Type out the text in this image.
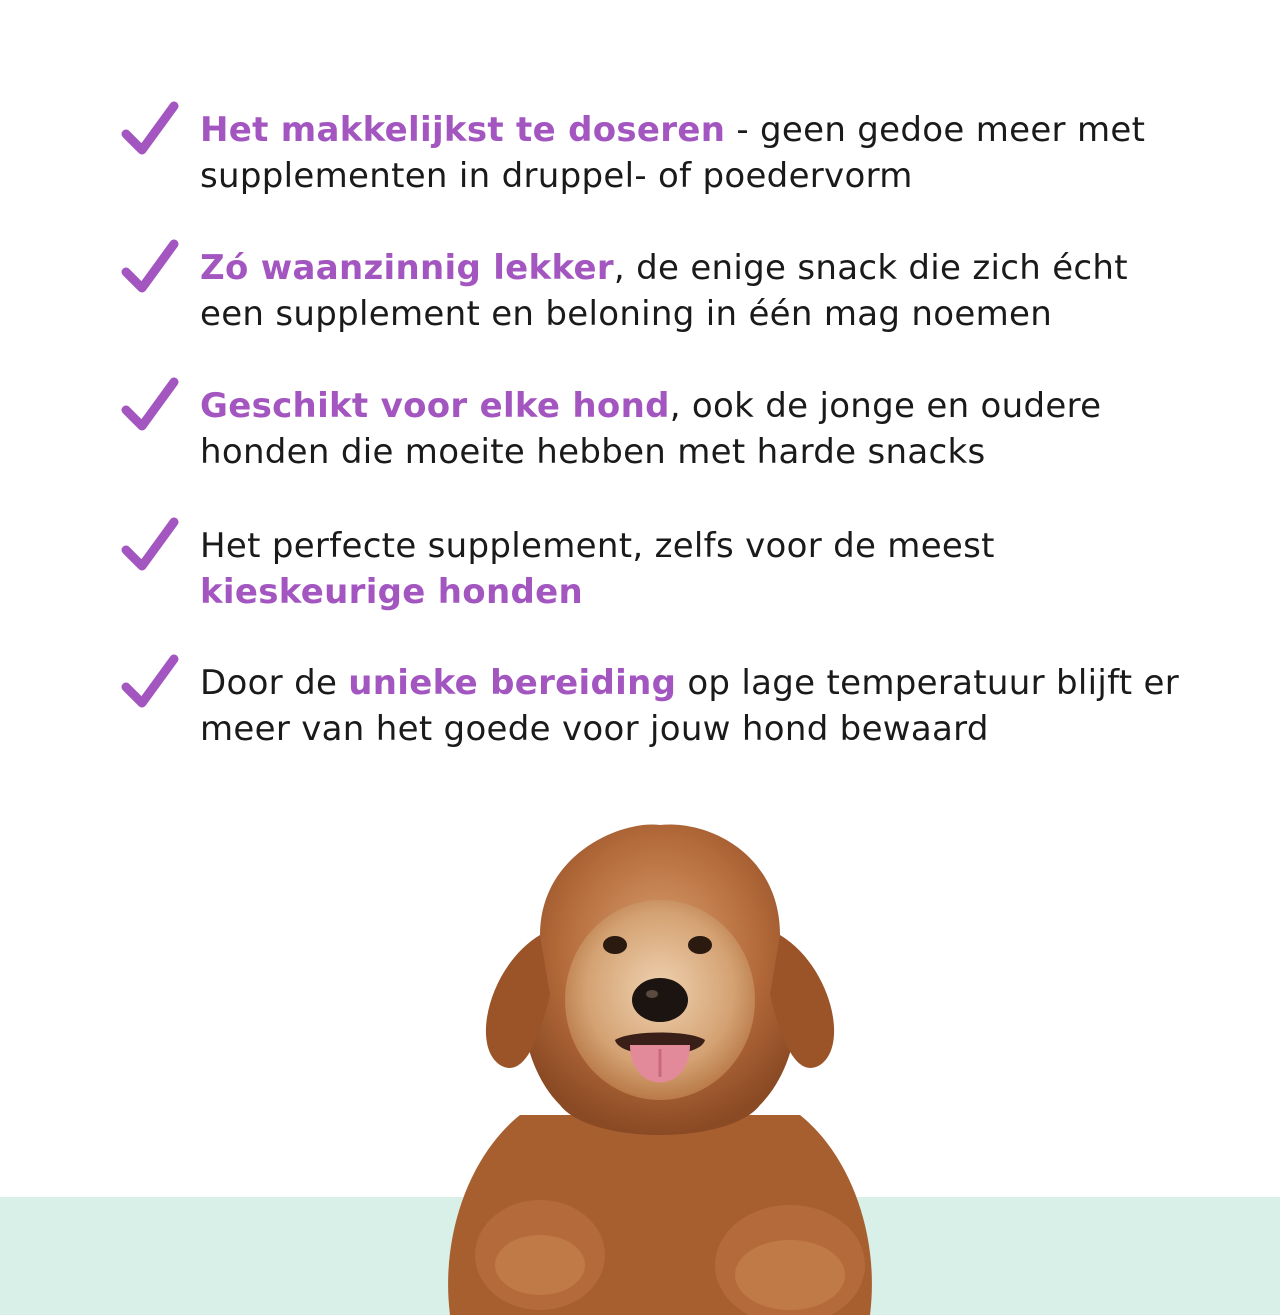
Het makkelijkst te doseren - geen gedoe meer met supplementen in druppel- of poedervorm
Zó waanzinnig lekker, de enige snack die zich écht een supplement en beloning in één mag noemen
Geschikt voor elke hond, ook de jonge en oudere honden die moeite hebben met harde snacks
Het perfecte supplement, zelfs voor de meest kieskeurige honden
Door de unieke bereiding op lage temperatuur blijft er meer van het goede voor jouw hond bewaard
